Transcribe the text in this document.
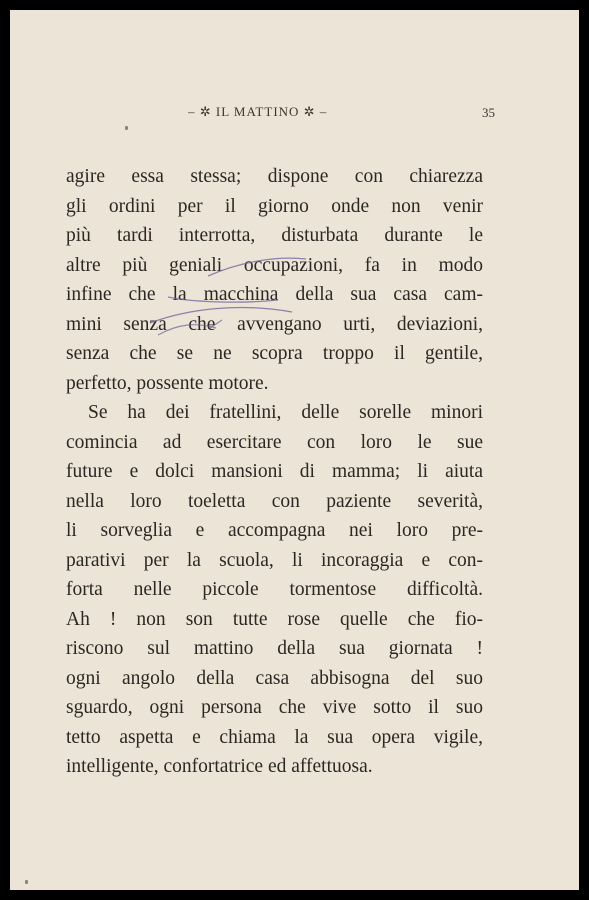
– ✲ IL MATTINO ✲ –	35
agire essa stessa; dispone con chiarezza
gli ordini per il giorno onde non venir
più tardi interrotta, disturbata durante le
altre più geniali occupazioni, fa in modo
infine che la macchina della sua casa cam-
mini senza che avvengano urti, deviazioni,
senza che se ne scopra troppo il gentile,
perfetto, possente motore.
Se ha dei fratellini, delle sorelle minori
comincia ad esercitare con loro le sue
future e dolci mansioni di mamma; li aiuta
nella loro toeletta con paziente severità,
li sorveglia e accompagna nei loro pre-
parativi per la scuola, li incoraggia e con-
forta nelle piccole tormentose difficoltà.
Ah ! non son tutte rose quelle che fio-
riscono sul mattino della sua giornata !
ogni angolo della casa abbisogna del suo
sguardo, ogni persona che vive sotto il suo
tetto aspetta e chiama la sua opera vigile,
intelligente, confortatrice ed affettuosa.
